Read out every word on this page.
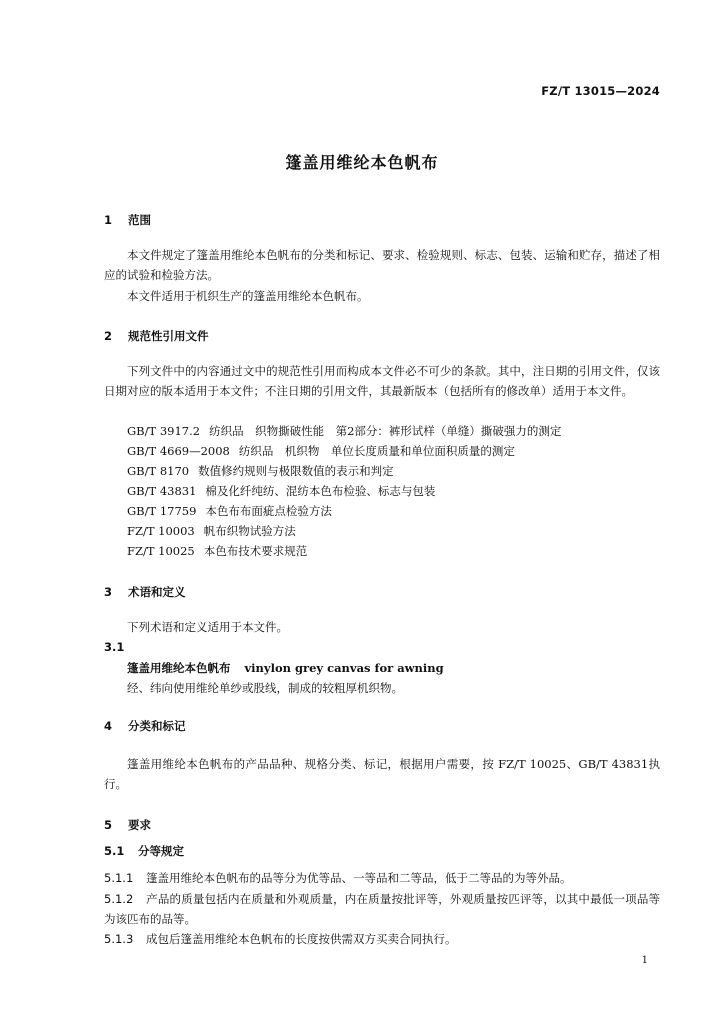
FZ/T 13015—2024
篷盖用维纶本色帆布
1 范围

本文件规定了篷盖用维纶本色帆布的分类和标记、要求、检验规则、标志、包装、运输和贮存，描述了相应的试验和检验方法。

本文件适用于机织生产的篷盖用维纶本色帆布。

2 规范性引用文件

下列文件中的内容通过文中的规范性引用而构成本文件必不可少的条款。其中，注日期的引用文件，仅该日期对应的版本适用于本文件；不注日期的引用文件，其最新版本（包括所有的修改单）适用于本文件。

GB/T 3917.2 纺织品　织物撕破性能　第2部分：裤形试样（单缝）撕破强力的测定
GB/T 4669—2008 纺织品　机织物　单位长度质量和单位面积质量的测定
GB/T 8170 数值修约规则与极限数值的表示和判定
GB/T 43831 棉及化纤纯纺、混纺本色布检验、标志与包装
GB/T 17759 本色布布面疵点检验方法
FZ/T 10003 帆布织物试验方法
FZ/T 10025 本色布技术要求规范
3 术语和定义

下列术语和定义适用于本文件。

3.1
篷盖用维纶本色帆布 vinylon grey canvas for awning
经、纬向使用维纶单纱或股线，制成的较粗厚机织物。
4 分类和标记

篷盖用维纶本色帆布的产品品种、规格分类、标记，根据用户需要，按 FZ/T 10025、GB/T 43831执行。

5 要求
5.1 分等规定

5.1.1 篷盖用维纶本色帆布的品等分为优等品、一等品和二等品，低于二等品的为等外品。

5.1.2 产品的质量包括内在质量和外观质量，内在质量按批评等，外观质量按匹评等，以其中最低一项品等为该匹布的品等。

5.1.3 成包后篷盖用维纶本色帆布的长度按供需双方买卖合同执行。

1
